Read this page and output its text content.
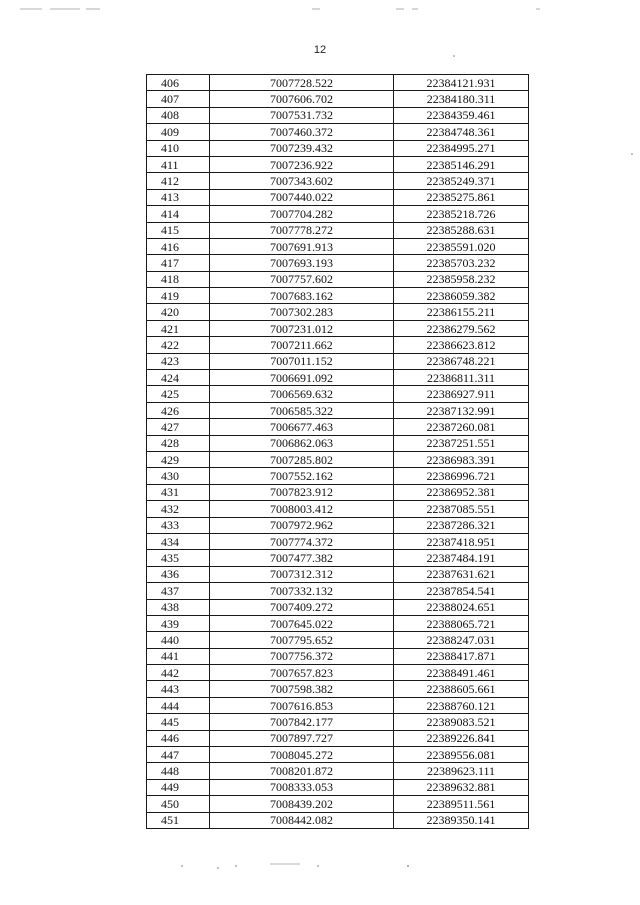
12
406	7007728.522	22384121.931
407	7007606.702	22384180.311
408	7007531.732	22384359.461
409	7007460.372	22384748.361
410	7007239.432	22384995.271
411	7007236.922	22385146.291
412	7007343.602	22385249.371
413	7007440.022	22385275.861
414	7007704.282	22385218.726
415	7007778.272	22385288.631
416	7007691.913	22385591.020
417	7007693.193	22385703.232
418	7007757.602	22385958.232
419	7007683.162	22386059.382
420	7007302.283	22386155.211
421	7007231.012	22386279.562
422	7007211.662	22386623.812
423	7007011.152	22386748.221
424	7006691.092	22386811.311
425	7006569.632	22386927.911
426	7006585.322	22387132.991
427	7006677.463	22387260.081
428	7006862.063	22387251.551
429	7007285.802	22386983.391
430	7007552.162	22386996.721
431	7007823.912	22386952.381
432	7008003.412	22387085.551
433	7007972.962	22387286.321
434	7007774.372	22387418.951
435	7007477.382	22387484.191
436	7007312.312	22387631.621
437	7007332.132	22387854.541
438	7007409.272	22388024.651
439	7007645.022	22388065.721
440	7007795.652	22388247.031
441	7007756.372	22388417.871
442	7007657.823	22388491.461
443	7007598.382	22388605.661
444	7007616.853	22388760.121
445	7007842.177	22389083.521
446	7007897.727	22389226.841
447	7008045.272	22389556.081
448	7008201.872	22389623.111
449	7008333.053	22389632.881
450	7008439.202	22389511.561
451	7008442.082	22389350.141
